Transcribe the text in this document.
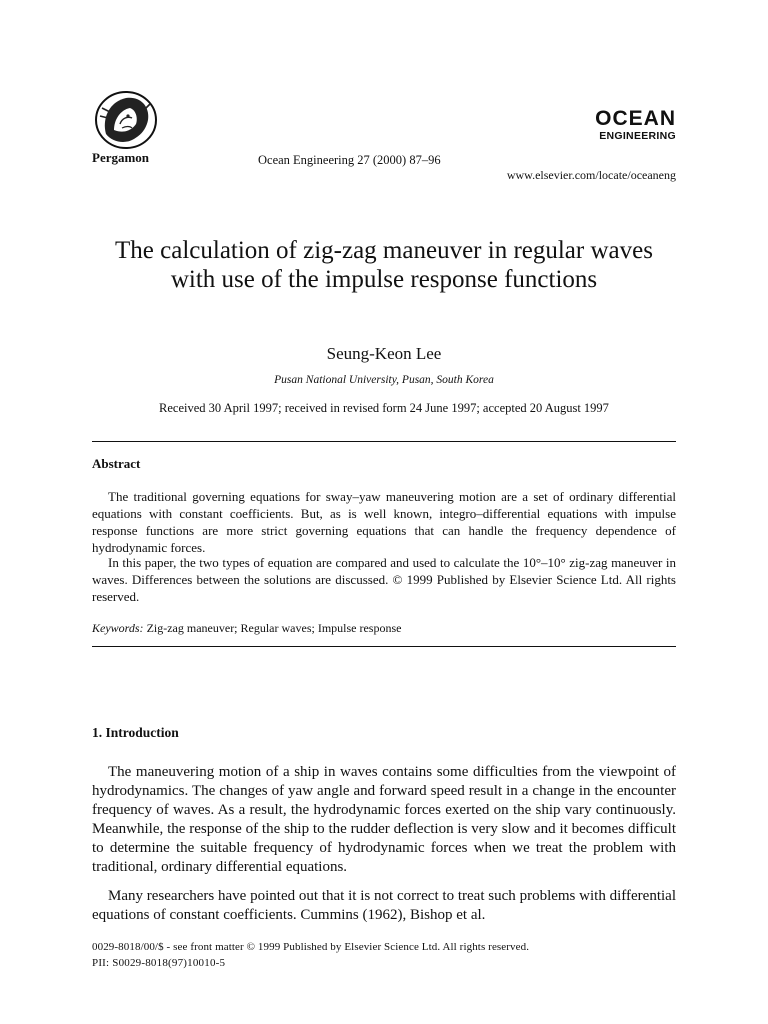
Pergamon	Ocean Engineering 27 (2000) 87–96
OCEAN
ENGINEERING
www.elsevier.com/locate/oceaneng
The calculation of zig-zag maneuver in regular waves with use of the impulse response functions
Seung-Keon Lee
Pusan National University, Pusan, South Korea
Received 30 April 1997; received in revised form 24 June 1997; accepted 20 August 1997
Abstract

The traditional governing equations for sway–yaw maneuvering motion are a set of ordinary differential equations with constant coefficients. But, as is well known, integro–differential equations with impulse response functions are more strict governing equations that can handle the frequency dependence of hydrodynamic forces.

In this paper, the two types of equation are compared and used to calculate the 10°–10° zig-zag maneuver in waves. Differences between the solutions are discussed. © 1999 Published by Elsevier Science Ltd. All rights reserved.

Keywords: Zig-zag maneuver; Regular waves; Impulse response
1. Introduction

The maneuvering motion of a ship in waves contains some difficulties from the viewpoint of hydrodynamics. The changes of yaw angle and forward speed result in a change in the encounter frequency of waves. As a result, the hydrodynamic forces exerted on the ship vary continuously. Meanwhile, the response of the ship to the rudder deflection is very slow and it becomes difficult to determine the suitable frequency of hydrodynamic forces when we treat the problem with traditional, ordinary differential equations.

Many researchers have pointed out that it is not correct to treat such problems with differential equations of constant coefficients. Cummins (1962), Bishop et al.

0029-8018/00/$ - see front matter © 1999 Published by Elsevier Science Ltd. All rights reserved.
PII: S0029-8018(97)10010-5
